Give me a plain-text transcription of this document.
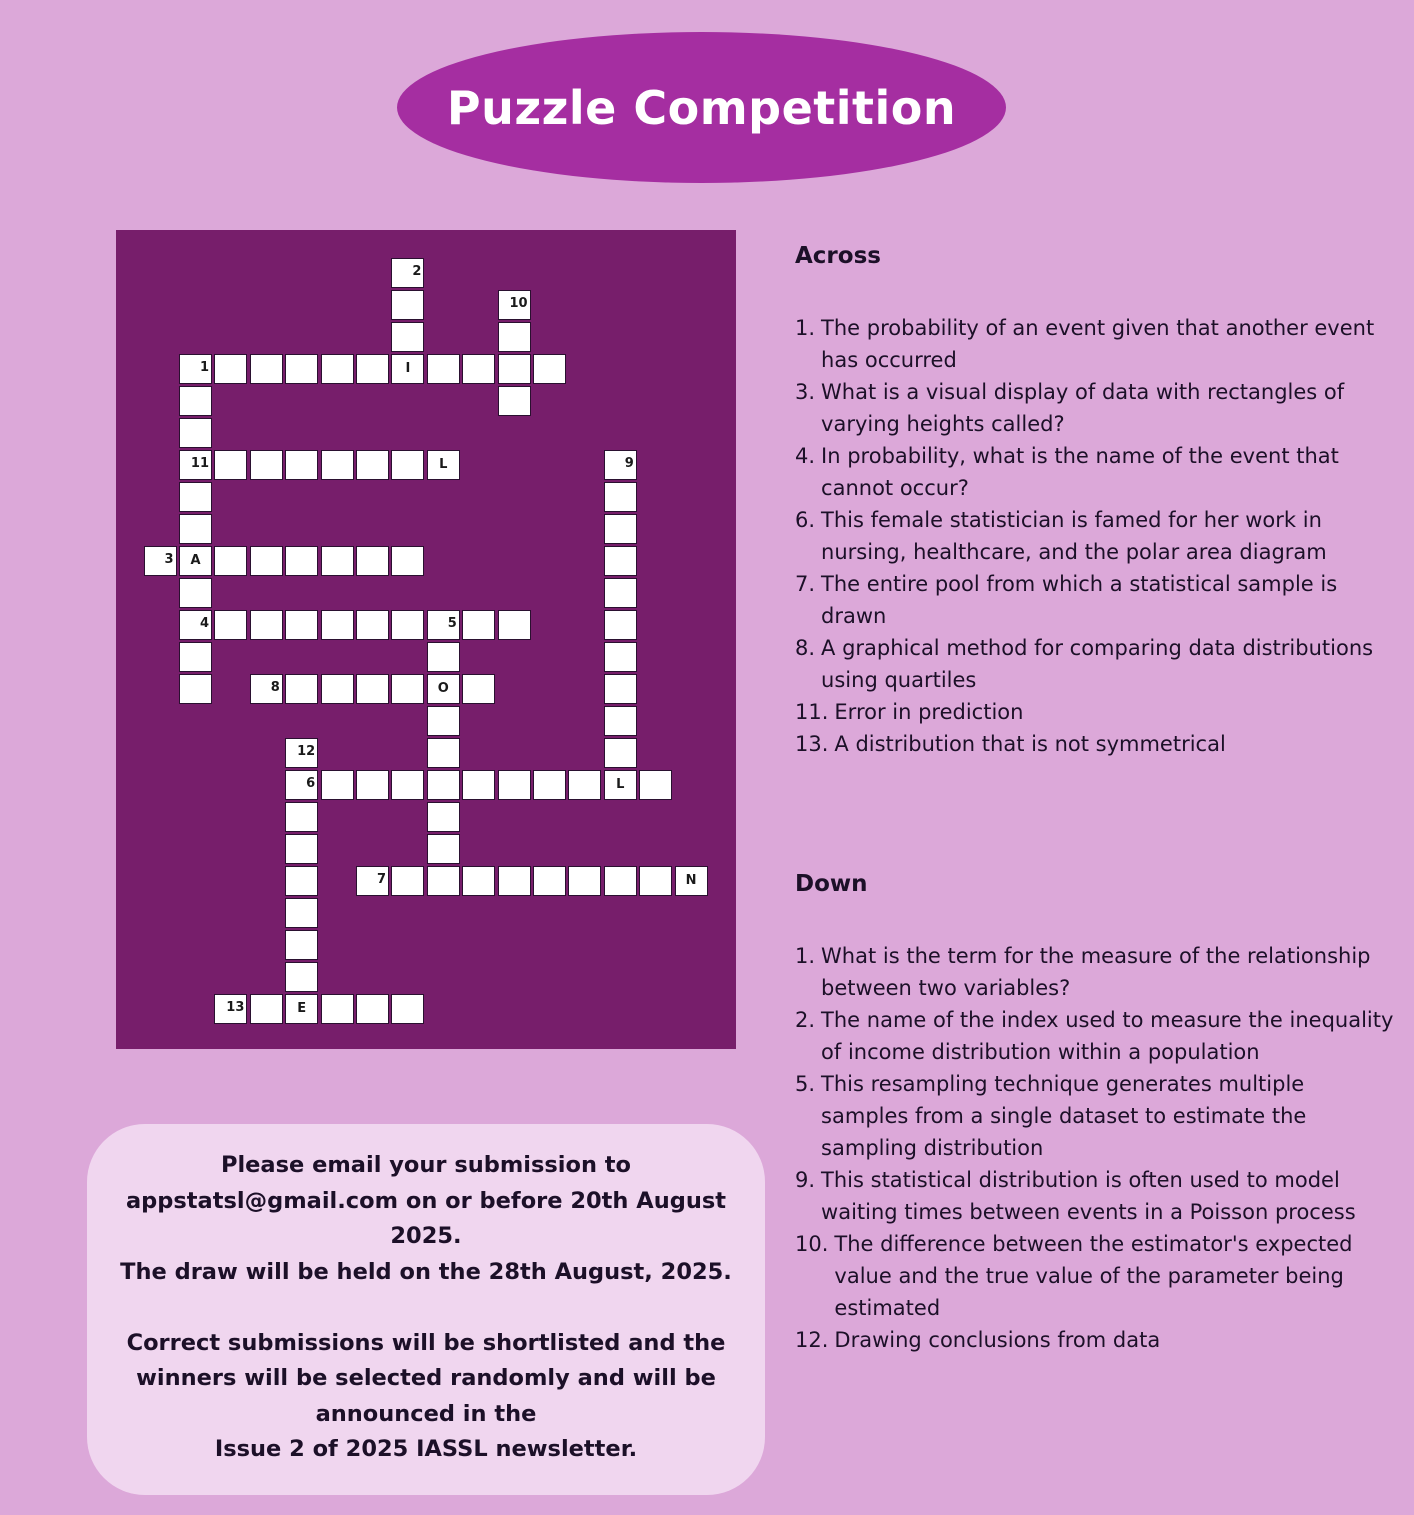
Puzzle Competition
1	I
11	L
3	A
4	5
8	O
6	L
7	N
13	E
2
10
9
12
Across
1. The probability of an event given that another event has occurred
3. What is a visual display of data with rectangles of varying heights called?
4. In probability, what is the name of the event that cannot occur?
6. This female statistician is famed for her work in nursing, healthcare, and the polar area diagram
7. The entire pool from which a statistical sample is drawn
8. A graphical method for comparing data distributions using quartiles
11. Error in prediction
13. A distribution that is not symmetrical
Down
1. What is the term for the measure of the relationship between two variables?
2. The name of the index used to measure the inequality of income distribution within a population
5. This resampling technique generates multiple samples from a single dataset to estimate the sampling distribution
9. This statistical distribution is often used to model waiting times between events in a Poisson process
10. The difference between the estimator's expected value and the true value of the parameter being estimated
12. Drawing conclusions from data

Please email your submission to

appstatsl@gmail.com on or before 20th August 2025.

The draw will be held on the 28th August, 2025.

Correct submissions will be shortlisted and the winners will be selected randomly and will be announced in the

Issue 2 of 2025 IASSL newsletter.
